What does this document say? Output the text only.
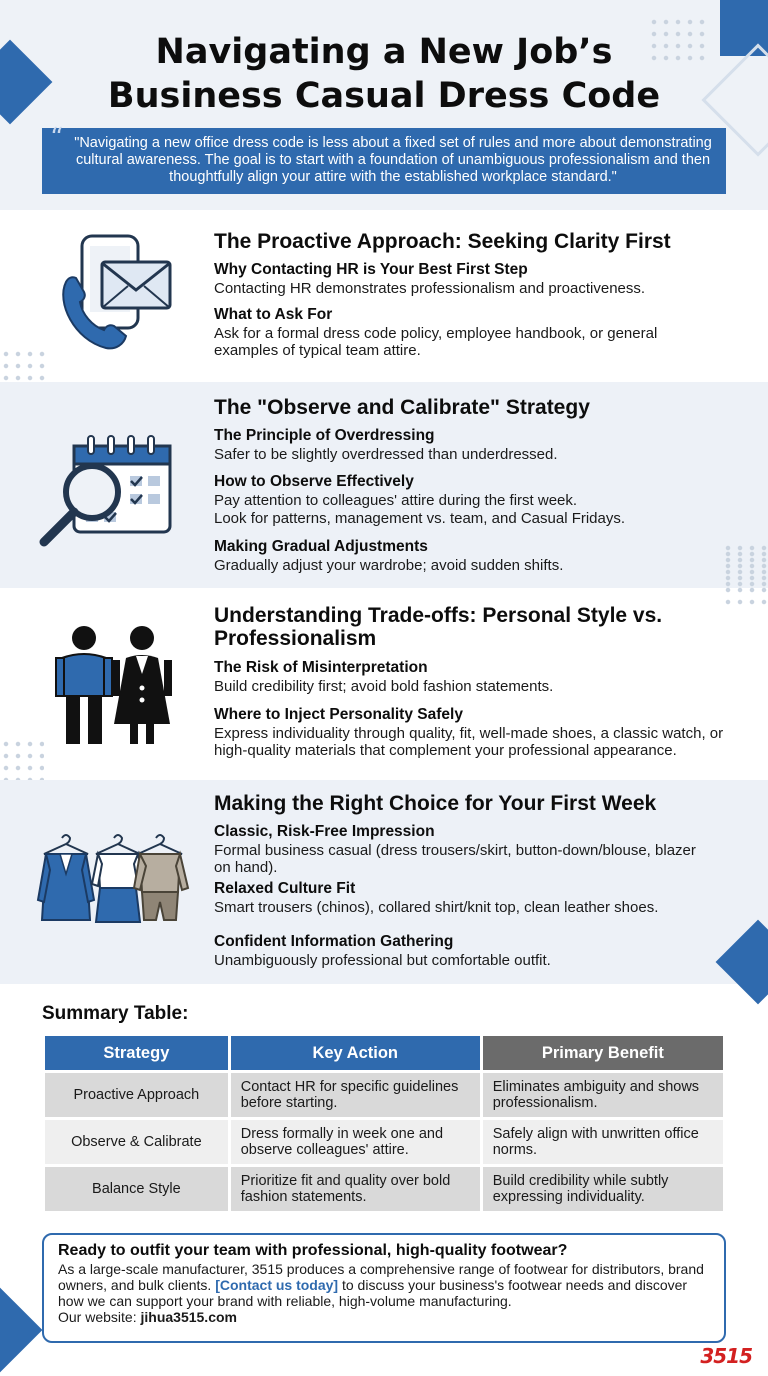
Navigating a New Job’s
Business Casual Dress Code
“ "Navigating a new office dress code is less about a fixed set of rules and more about demonstrating cultural awareness. The goal is to start with a foundation of unambiguous professionalism and then thoughtfully align your attire with the established workplace standard."
The Proactive Approach: Seeking Clarity First
Why Contacting HR is Your Best First Step
Contacting HR demonstrates professionalism and proactiveness.
What to Ask For
Ask for a formal dress code policy, employee handbook, or general examples of typical team attire.
The "Observe and Calibrate" Strategy
The Principle of Overdressing
Safer to be slightly overdressed than underdressed.
How to Observe Effectively
Pay attention to colleagues' attire during the first week.
Look for patterns, management vs. team, and Casual Fridays.
Making Gradual Adjustments
Gradually adjust your wardrobe; avoid sudden shifts.
Understanding Trade-offs: Personal Style vs.
Professionalism
The Risk of Misinterpretation
Build credibility first; avoid bold fashion statements.
Where to Inject Personality Safely
Express individuality through quality, fit, well-made shoes, a classic watch, or high-quality materials that complement your professional appearance.
Making the Right Choice for Your First Week
Classic, Risk-Free Impression
Formal business casual (dress trousers/skirt, button-down/blouse, blazer on hand).
Relaxed Culture Fit
Smart trousers (chinos), collared shirt/knit top, clean leather shoes.
Confident Information Gathering
Unambiguously professional but comfortable outfit.
Summary Table:
Strategy	Key Action	Primary Benefit
Proactive Approach	Contact HR for specific guidelines before starting.	Eliminates ambiguity and shows professionalism.
Observe & Calibrate	Dress formally in week one and observe colleagues' attire.	Safely align with unwritten office norms.
Balance Style	Prioritize fit and quality over bold fashion statements.	Build credibility while subtly expressing individuality.
Ready to outfit your team with professional, high-quality footwear?
As a large-scale manufacturer, 3515 produces a comprehensive range of footwear for distributors, brand owners, and bulk clients. [Contact us today] to discuss your business's footwear needs and discover how we can support your brand with reliable, high-volume manufacturing.
Our website: jihua3515.com
3515
